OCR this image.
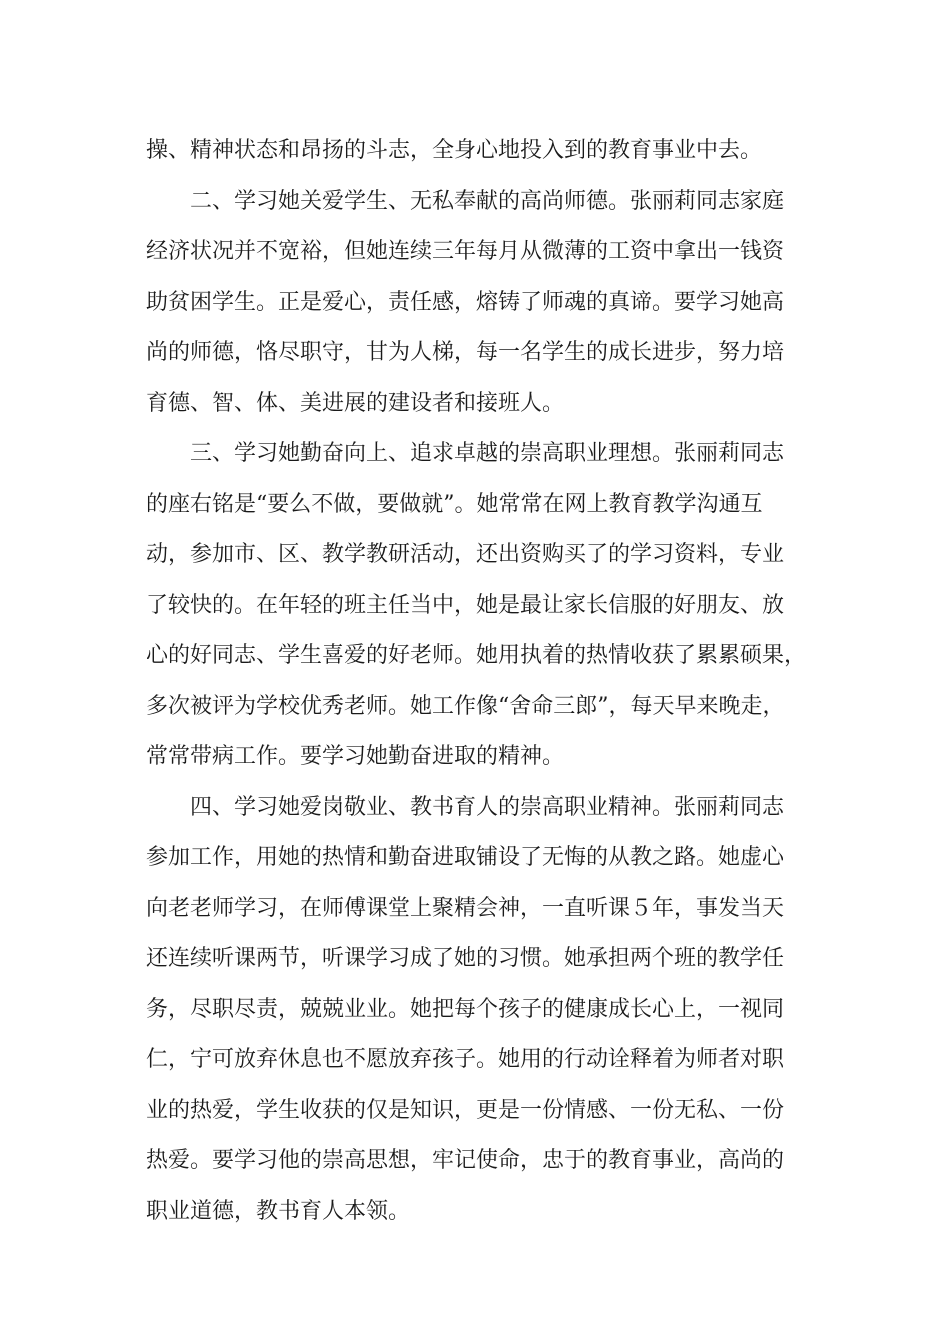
操、精神状态和昂扬的斗志，全身心地投入到的教育事业中去。
二、学习她关爱学生、无私奉献的高尚师德。张丽莉同志家庭
经济状况并不宽裕，但她连续三年每月从微薄的工资中拿出一钱资
助贫困学生。正是爱心，责任感，熔铸了师魂的真谛。要学习她高
尚的师德，恪尽职守，甘为人梯，每一名学生的成长进步，努力培
育德、智、体、美进展的建设者和接班人。
三、学习她勤奋向上、追求卓越的崇高职业理想。张丽莉同志
的座右铭是“要么不做，要做就”。她常常在网上教育教学沟通互
动，参加市、区、教学教研活动，还出资购买了的学习资料，专业
了较快的。在年轻的班主任当中，她是最让家长信服的好朋友、放
心的好同志、学生喜爱的好老师。她用执着的热情收获了累累硕果，
多次被评为学校优秀老师。她工作像“舍命三郎”，每天早来晚走，
常常带病工作。要学习她勤奋进取的精神。
四、学习她爱岗敬业、教书育人的崇高职业精神。张丽莉同志
参加工作，用她的热情和勤奋进取铺设了无悔的从教之路。她虚心
向老老师学习，在师傅课堂上聚精会神，一直听课５年，事发当天
还连续听课两节，听课学习成了她的习惯。她承担两个班的教学任
务，尽职尽责，兢兢业业。她把每个孩子的健康成长心上，一视同
仁，宁可放弃休息也不愿放弃孩子。她用的行动诠释着为师者对职
业的热爱，学生收获的仅是知识，更是一份情感、一份无私、一份
热爱。要学习他的崇高思想，牢记使命，忠于的教育事业，高尚的
职业道德，教书育人本领。
